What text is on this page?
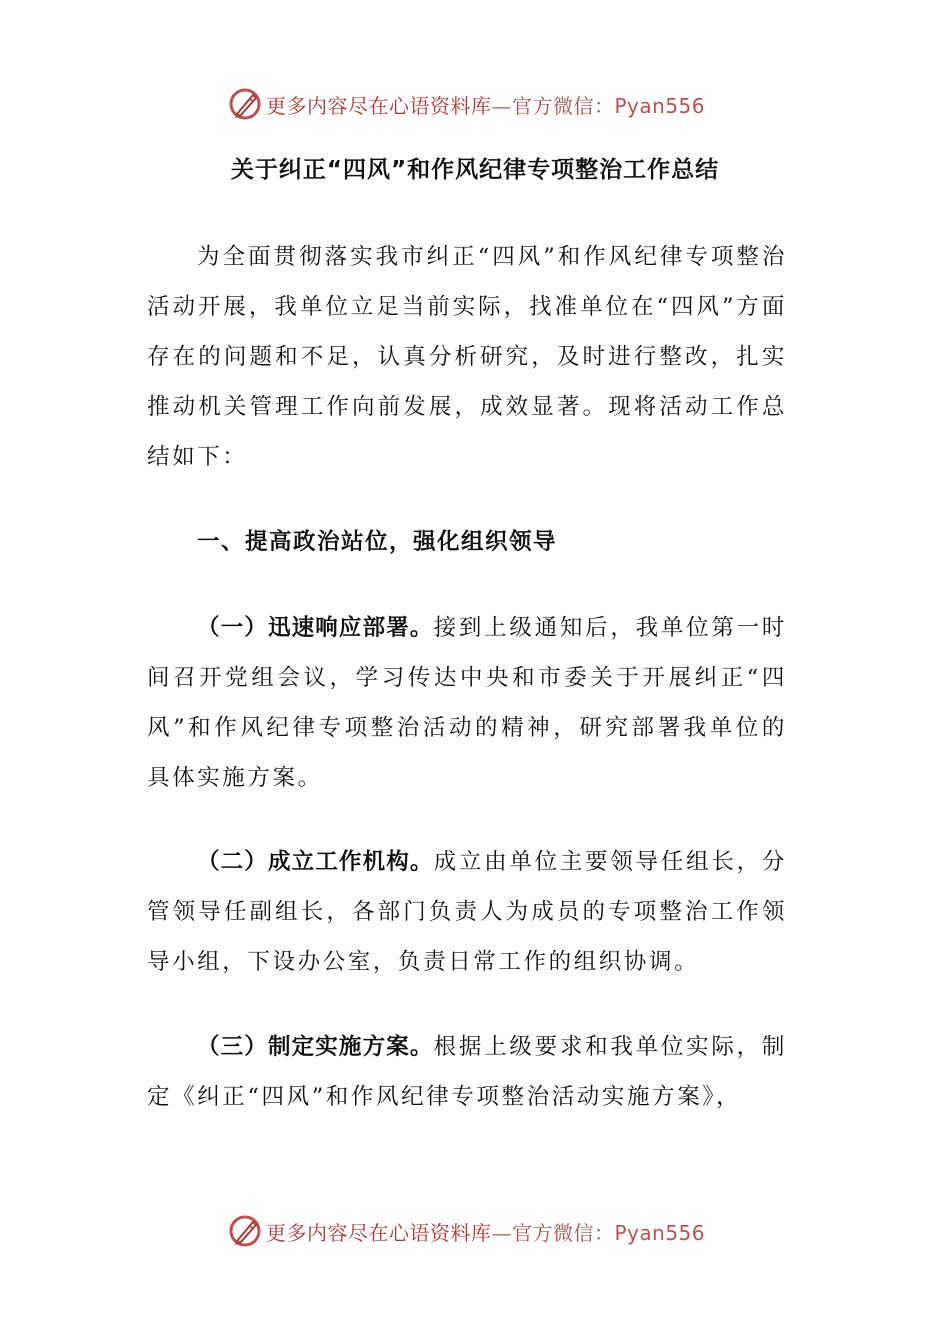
更多内容尽在心语资料库—官方微信：Pyan556
关于纠正“四风”和作风纪律专项整治工作总结

为全面贯彻落实我市纠正“四风”和作风纪律专项整治活动开展，我单位立足当前实际，找准单位在“四风”方面存在的问题和不足，认真分析研究，及时进行整改，扎实推动机关管理工作向前发展，成效显著。现将活动工作总结如下：

一、提高政治站位，强化组织领导

（一）迅速响应部署。接到上级通知后，我单位第一时间召开党组会议，学习传达中央和市委关于开展纠正“四风”和作风纪律专项整治活动的精神，研究部署我单位的具体实施方案。

（二）成立工作机构。成立由单位主要领导任组长，分管领导任副组长，各部门负责人为成员的专项整治工作领导小组，下设办公室，负责日常工作的组织协调。

（三）制定实施方案。根据上级要求和我单位实际，制定《纠正“四风”和作风纪律专项整治活动实施方案》，

更多内容尽在心语资料库—官方微信：Pyan556
